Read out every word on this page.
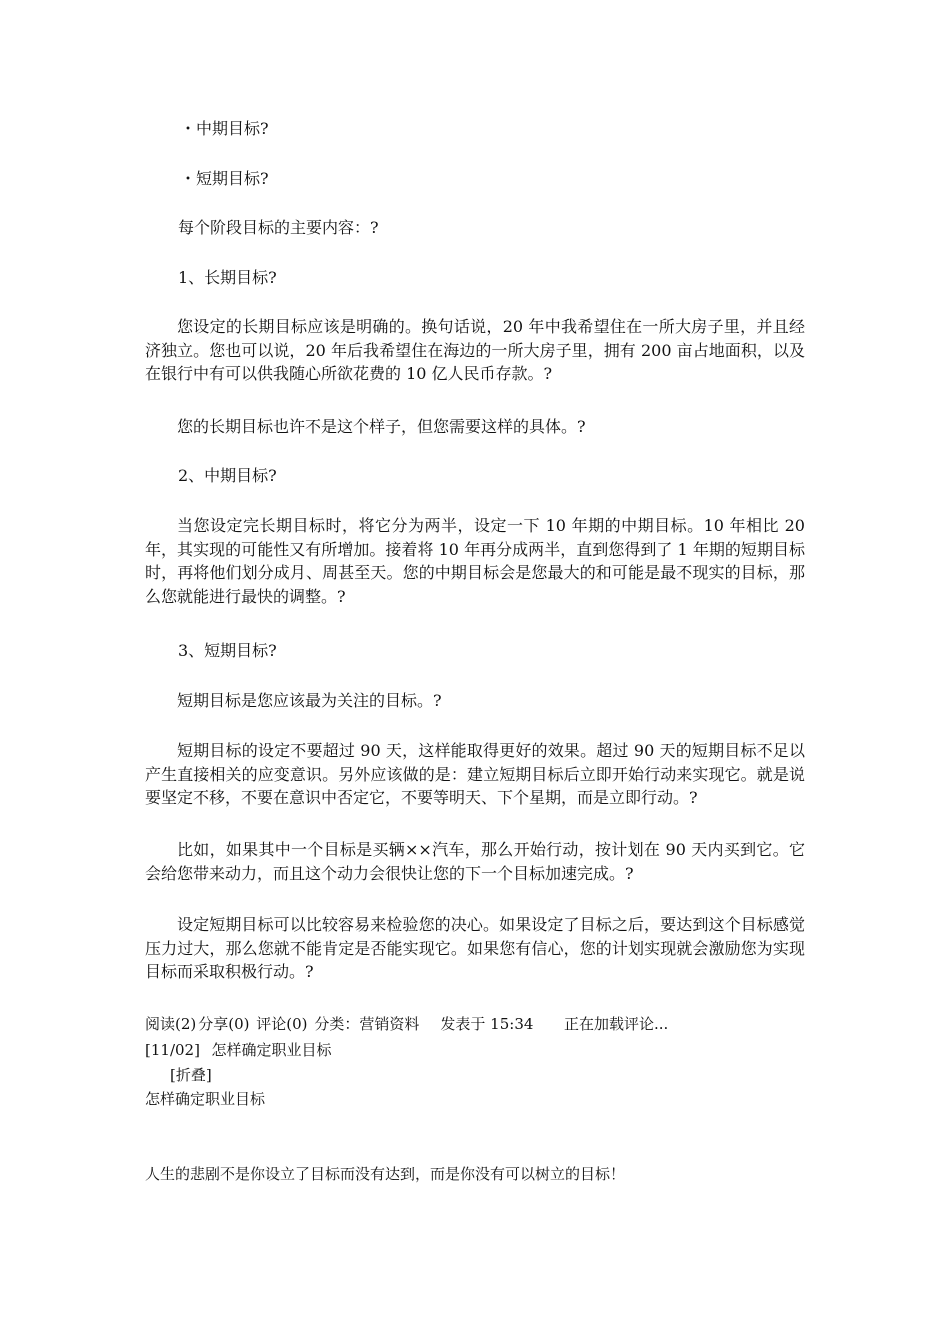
・中期目标?

・短期目标?

每个阶段目标的主要内容：?

1、长期目标?

您设定的长期目标应该是明确的。换句话说，20 年中我希望住在一所大房子里，并且经济独立。您也可以说，20 年后我希望住在海边的一所大房子里，拥有 200 亩占地面积，以及在银行中有可以供我随心所欲花费的 10 亿人民币存款。?

您的长期目标也许不是这个样子，但您需要这样的具体。?

2、中期目标?

当您设定完长期目标时，将它分为两半，设定一下 10 年期的中期目标。10 年相比 20 年，其实现的可能性又有所增加。接着将 10 年再分成两半，直到您得到了 1 年期的短期目标时，再将他们划分成月、周甚至天。您的中期目标会是您最大的和可能是最不现实的目标，那么您就能进行最快的调整。?

3、短期目标?

短期目标是您应该最为关注的目标。?

短期目标的设定不要超过 90 天，这样能取得更好的效果。超过 90 天的短期目标不足以产生直接相关的应变意识。另外应该做的是：建立短期目标后立即开始行动来实现它。就是说要坚定不移，不要在意识中否定它，不要等明天、下个星期，而是立即行动。?

比如，如果其中一个目标是买辆××汽车，那么开始行动，按计划在 90 天内买到它。它会给您带来动力，而且这个动力会很快让您的下一个目标加速完成。?

设定短期目标可以比较容易来检验您的决心。如果设定了目标之后，要达到这个目标感觉压力过大，那么您就不能肯定是否能实现它。如果您有信心，您的计划实现就会激励您为实现目标而采取积极行动。?

阅读(2) 分享(0) 评论(0) 分类：营销资料 发表于 15:34 正在加载评论...
[11/02] 怎样确定职业目标
[折叠]
怎样确定职业目标
人生的悲剧不是你设立了目标而没有达到，而是你没有可以树立的目标！
